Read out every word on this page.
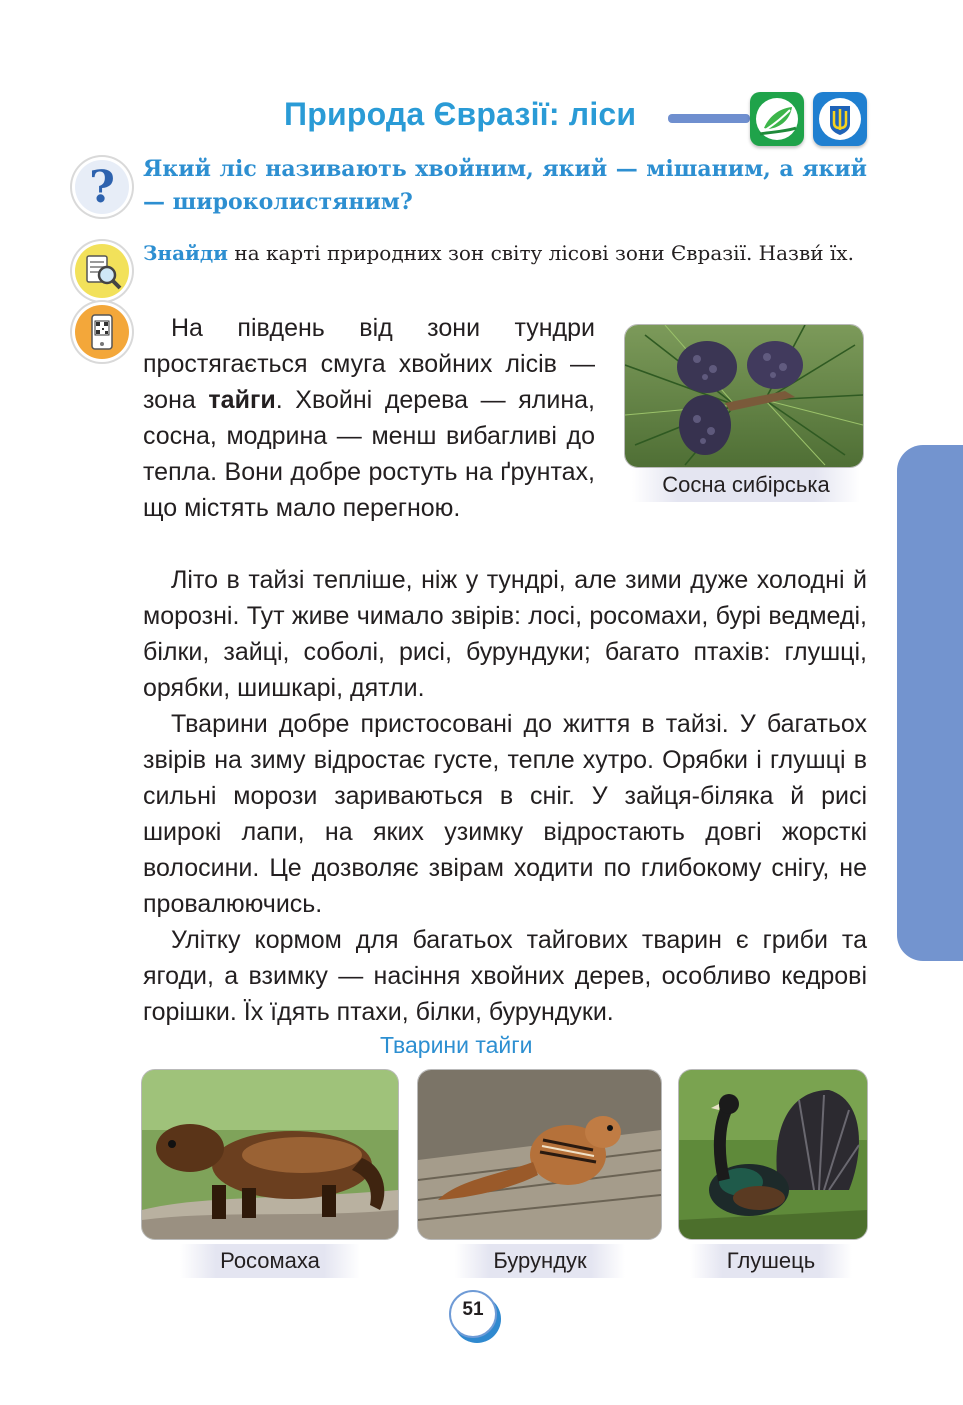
Природа Євразії: ліси
?	Який ліс називають хвойним, який — мішаним, а який — широколистяним?
Знайди на карті природних зон світу лісові зони Євразії. Назви́ їх.
На південь від зони тундри простягається смуга хвойних лісів — зона тайги. Хвойні дерева — ялина, сосна, модрина — менш вибагливі до тепла. Вони добре ростуть на ґрунтах, що містять мало перегною.
Сосна сибірська
Літо в тайзі тепліше, ніж у тундрі, але зими дуже холодні й морозні. Тут живе чимало звірів: лосі, росомахи, бурі ведмеді, білки, зайці, соболі, рисі, бурундуки; багато птахів: глушці, орябки, шишкарі, дятли.
Тварини добре пристосовані до життя в тайзі. У багатьох звірів на зиму відростає густе, тепле хутро. Орябки і глушці в сильні морози зариваються в сніг. У зайця-біляка й рисі широкі лапи, на яких узимку відростають довгі жорсткі волосини. Це дозволяє звірам ходити по глибокому снігу, не провалюючись.
Улітку кормом для багатьох тайгових тварин є гриби та ягоди, а взимку — насіння хвойних дерев, особливо кедрові горішки. Їх їдять птахи, білки, бурундуки.
Тварини тайги
Росомаха	Бурундук	Глушець
51
